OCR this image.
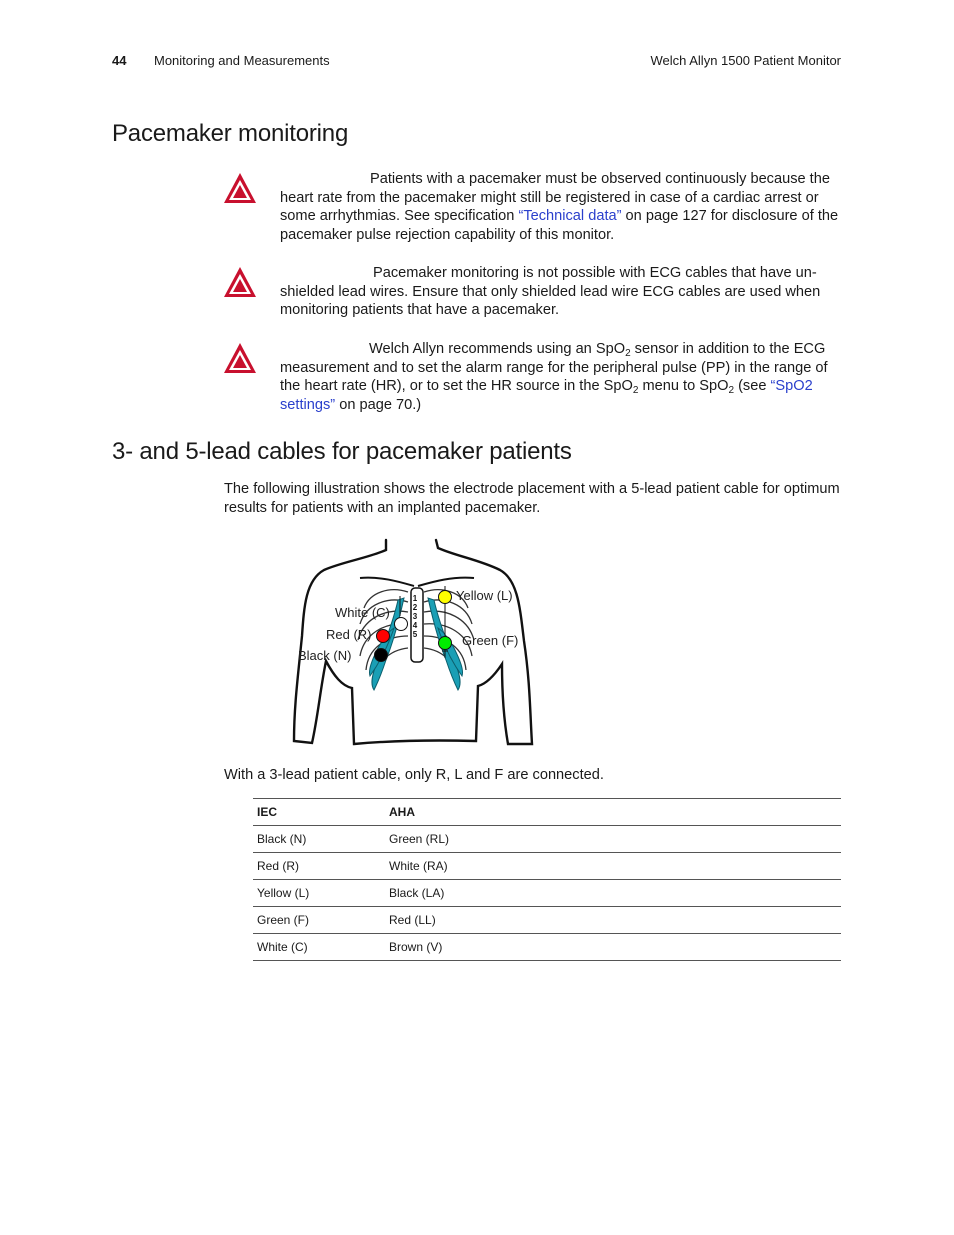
44 Monitoring and Measurements	Welch Allyn 1500 Patient Monitor
Pacemaker monitoring
Patients with a pacemaker must be observed continuously because the heart rate from the pacemaker might still be registered in case of a cardiac arrest or some arrhythmias. See specification “Technical data” on page 127 for disclosure of the pacemaker pulse rejection capability of this monitor.
Pacemaker monitoring is not possible with ECG cables that have un-shielded lead wires. Ensure that only shielded lead wire ECG cables are used when monitoring patients that have a pacemaker.
Welch Allyn recommends using an SpO$_2$ sensor in addition to the ECG measurement and to set the alarm range for the peripheral pulse (PP) in the range of the heart rate (HR), or to set the HR source in the SpO$_2$ menu to SpO$_2$ (see “SpO2 settings” on page 70.)
3- and 5-lead cables for pacemaker patients
The following illustration shows the electrode placement with a 5-lead patient cable for optimum results for patients with an implanted pacemaker.
1
2
3
4
5
Yellow (L)
White (C)
Red (R)	Green (F)
Black (N)
With a 3-lead patient cable, only R, L and F are connected.
IEC	AHA
Black (N)	Green (RL)
Red (R)	White (RA)
Yellow (L)	Black (LA)
Green (F)	Red (LL)
White (C)	Brown (V)
